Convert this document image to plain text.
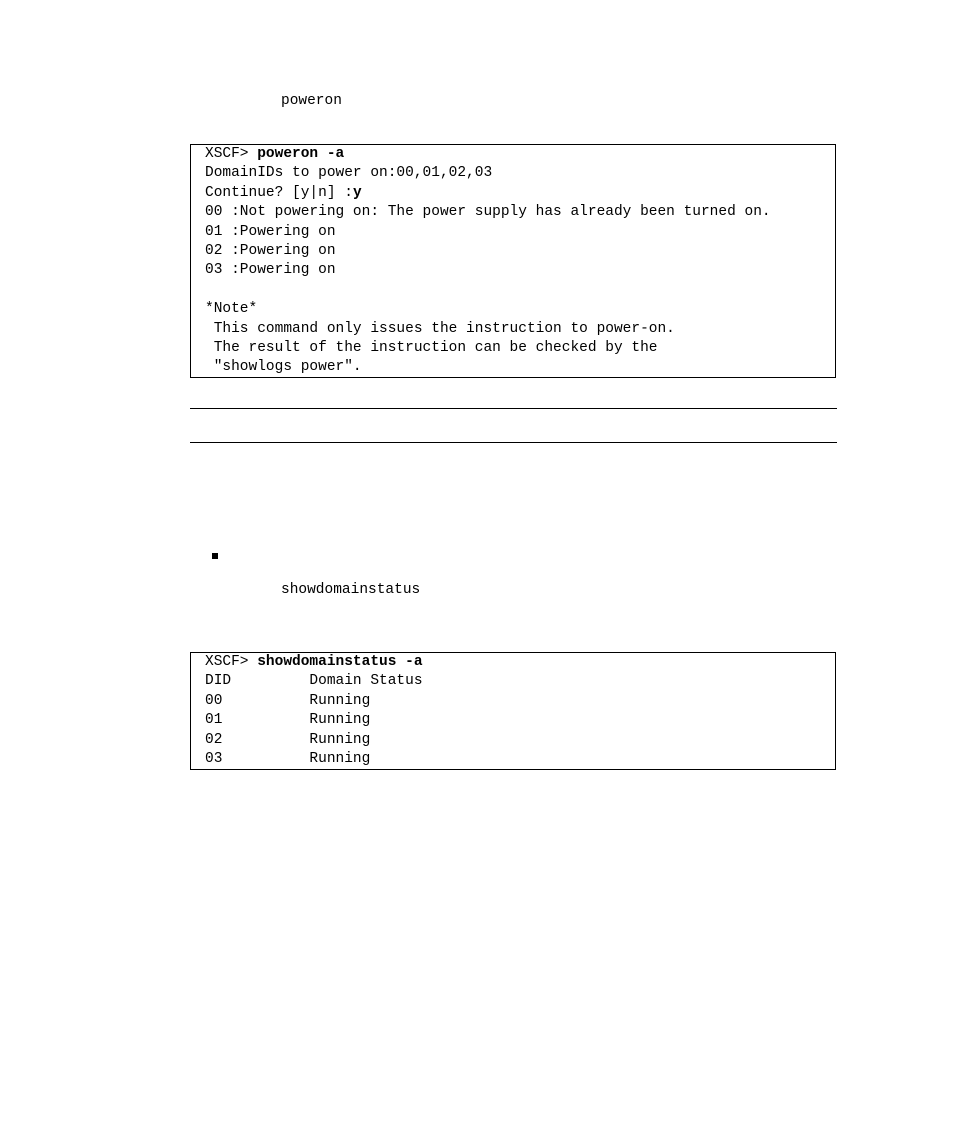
poweron
XSCF> poweron -a
DomainIDs to power on:00,01,02,03
Continue? [y|n] :y
00 :Not powering on: The power supply has already been turned on.
01 :Powering on
02 :Powering on
03 :Powering on
*Note*
This command only issues the instruction to power-on.
The result of the instruction can be checked by the
"showlogs power".
showdomainstatus
XSCF> showdomainstatus -a
DID         Domain Status
00          Running
01          Running
02          Running
03          Running
